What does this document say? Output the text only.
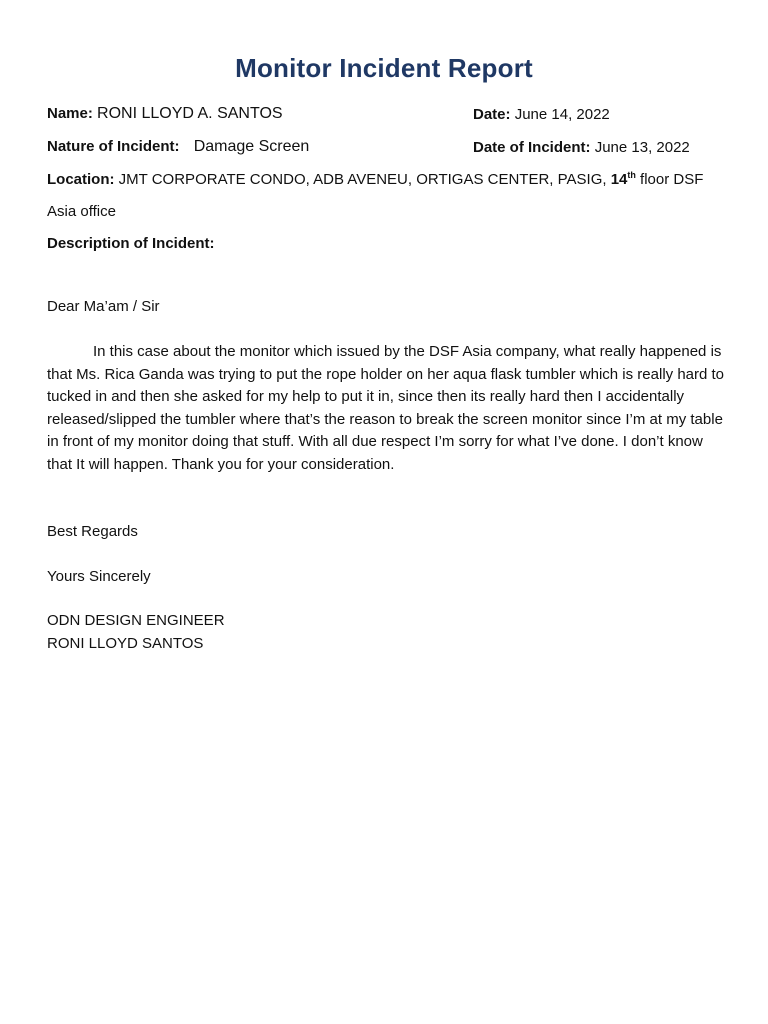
Monitor Incident Report
Name: RONI LLOYD A. SANTOS	Date: June 14, 2022
Nature of Incident: Damage Screen	Date of Incident: June 13, 2022
Location: JMT CORPORATE CONDO, ADB AVENEU, ORTIGAS CENTER, PASIG, 14th floor DSF
Asia office
Description of Incident:
Dear Ma’am / Sir
In this case about the monitor which issued by the DSF Asia company, what really happened is that Ms. Rica Ganda was trying to put the rope holder on her aqua flask tumbler which is really hard to tucked in and then she asked for my help to put it in, since then its really hard then I accidentally released/slipped the tumbler where that’s the reason to break the screen monitor since I’m at my table in front of my monitor doing that stuff. With all due respect I’m sorry for what I’ve done. I don’t know that It will happen. Thank you for your consideration.
Best Regards
Yours Sincerely
ODN DESIGN ENGINEER
RONI LLOYD SANTOS
